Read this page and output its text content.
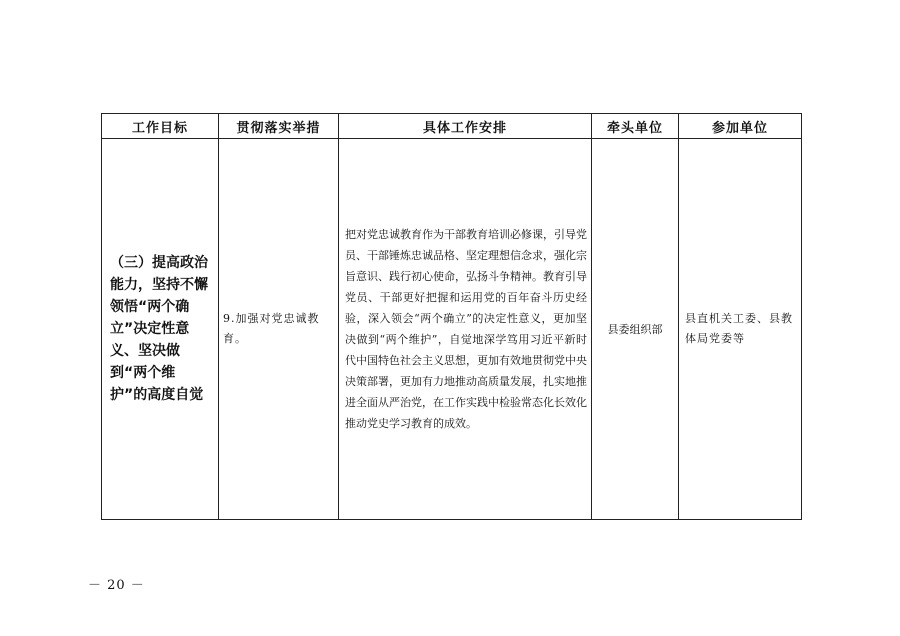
工作目标	贯彻落实举措	具体工作安排	牵头单位	参加单位
（三）提高政治能力，坚持不懈领悟“两个确立”决定性意义、坚决做到“两个维护”的高度自觉	9.加强对党忠诚教育。	把对党忠诚教育作为干部教育培训必修课，引导党员、干部锤炼忠诚品格、坚定理想信念求，强化宗旨意识、践行初心使命，弘扬斗争精神。教育引导党员、干部更好把握和运用党的百年奋斗历史经验，深入领会“两个确立”的决定性意义，更加坚决做到“两个维护”，自觉地深学笃用习近平新时代中国特色社会主义思想，更加有效地贯彻党中央决策部署，更加有力地推动高质量发展，扎实地推进全面从严治党，在工作实践中检验常态化长效化推动党史学习教育的成效。	县委组织部	县直机关工委、县教体局党委等
－ 20 －
